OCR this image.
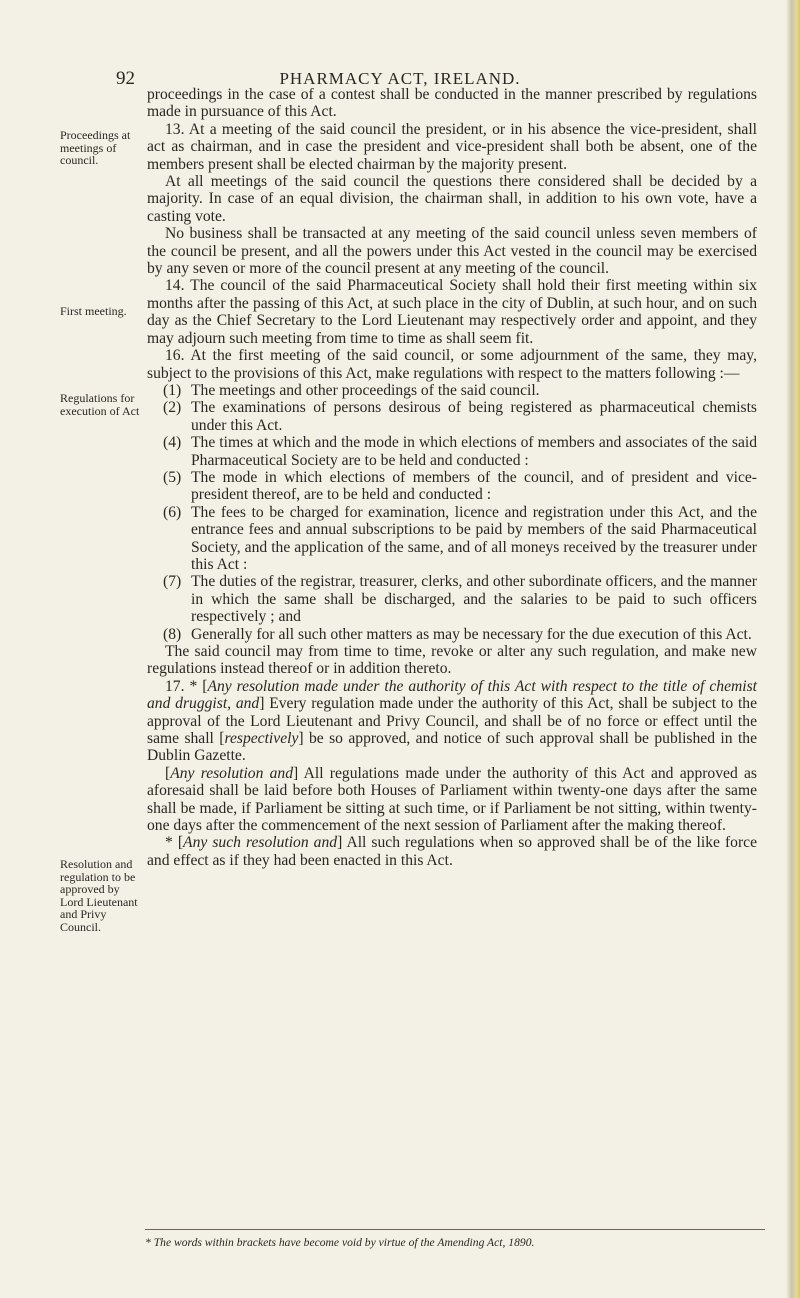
92	PHARMACY ACT, IRELAND.
Proceedings at meetings of council.
First meeting.
Regulations for execution of Act
Resolution and regulation to be approved by Lord Lieutenant and Privy Council.

proceedings in the case of a contest shall be conducted in the manner prescribed by regulations made in pursuance of this Act.

13. At a meeting of the said council the president, or in his absence the vice-president, shall act as chairman, and in case the president and vice-president shall both be absent, one of the members present shall be elected chairman by the majority present.

At all meetings of the said council the questions there considered shall be decided by a majority. In case of an equal division, the chairman shall, in addition to his own vote, have a casting vote.

No business shall be transacted at any meeting of the said council unless seven members of the council be present, and all the powers under this Act vested in the council may be exercised by any seven or more of the council present at any meeting of the council.

14. The council of the said Pharmaceutical Society shall hold their first meeting within six months after the passing of this Act, at such place in the city of Dublin, at such hour, and on such day as the Chief Secretary to the Lord Lieutenant may respectively order and appoint, and they may adjourn such meeting from time to time as shall seem fit.

16. At the first meeting of the said council, or some adjournment of the same, they may, subject to the provisions of this Act, make regulations with respect to the matters following :—

(1) The meetings and other proceedings of the said council.
(2) The examinations of persons desirous of being registered as pharmaceutical chemists under this Act.
(4) The times at which and the mode in which elections of members and associates of the said Pharmaceutical Society are to be held and conducted :
(5) The mode in which elections of members of the council, and of president and vice-president thereof, are to be held and conducted :
(6) The fees to be charged for examination, licence and registration under this Act, and the entrance fees and annual subscriptions to be paid by members of the said Pharmaceutical Society, and the application of the same, and of all moneys received by the treasurer under this Act :
(7) The duties of the registrar, treasurer, clerks, and other subordinate officers, and the manner in which the same shall be discharged, and the salaries to be paid to such officers respectively ; and
(8) Generally for all such other matters as may be necessary for the due execution of this Act.

The said council may from time to time, revoke or alter any such regulation, and make new regulations instead thereof or in addition thereto.

17. * [Any resolution made under the authority of this Act with respect to the title of chemist and druggist, and] Every regulation made under the authority of this Act, shall be subject to the approval of the Lord Lieutenant and Privy Council, and shall be of no force or effect until the same shall [respectively] be so approved, and notice of such approval shall be published in the Dublin Gazette.

[Any resolution and] All regulations made under the authority of this Act and approved as aforesaid shall be laid before both Houses of Parliament within twenty-one days after the same shall be made, if Parliament be sitting at such time, or if Parliament be not sitting, within twenty-one days after the commencement of the next session of Parliament after the making thereof.

* [Any such resolution and] All such regulations when so approved shall be of the like force and effect as if they had been enacted in this Act.

* The words within brackets have become void by virtue of the Amending Act, 1890.
